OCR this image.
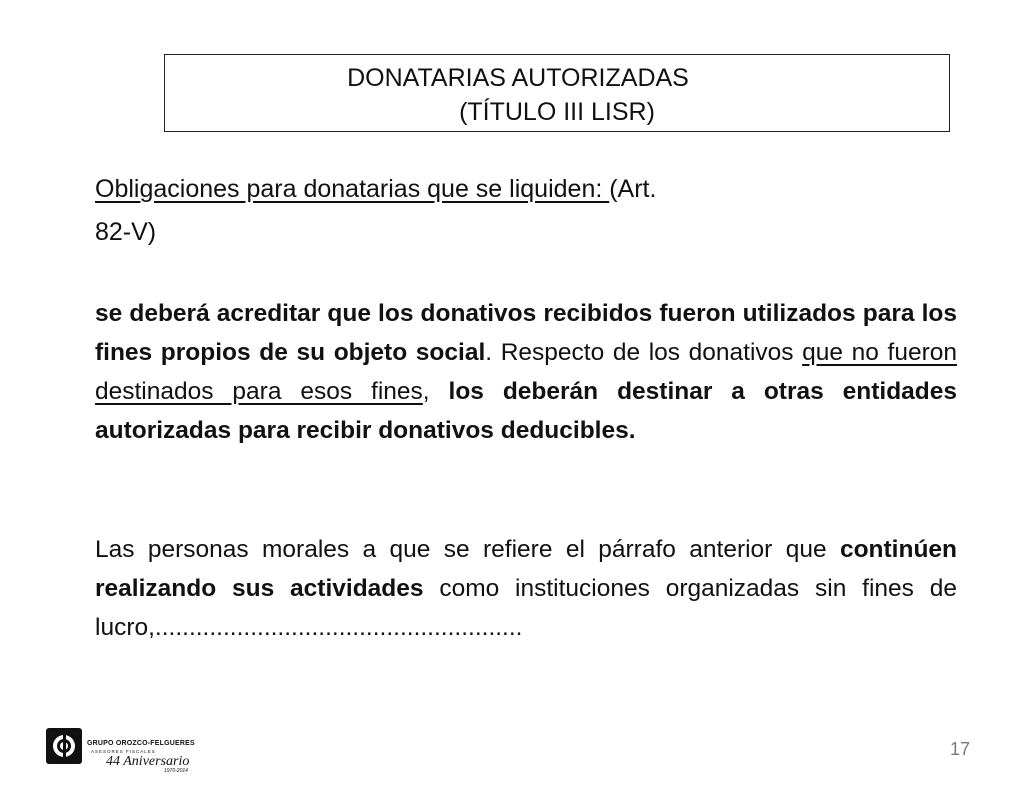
DONATARIAS AUTORIZADAS
(TÍTULO III LISR)
Obligaciones para donatarias que se liquiden: (Art.
82-V)
se deberá acreditar que los donativos recibidos fueron utilizados para los fines propios de su objeto social. Respecto de los donativos que no fueron destinados para esos fines, los deberán destinar a otras entidades autorizadas para recibir donativos deducibles.
Las personas morales a que se refiere el párrafo anterior que continúen realizando sus actividades como instituciones organizadas sin fines de lucro,......................................................
GRUPO OROZCO-FELGUERES
ASESORES FISCALES
44 Aniversario
1970-2014
17
